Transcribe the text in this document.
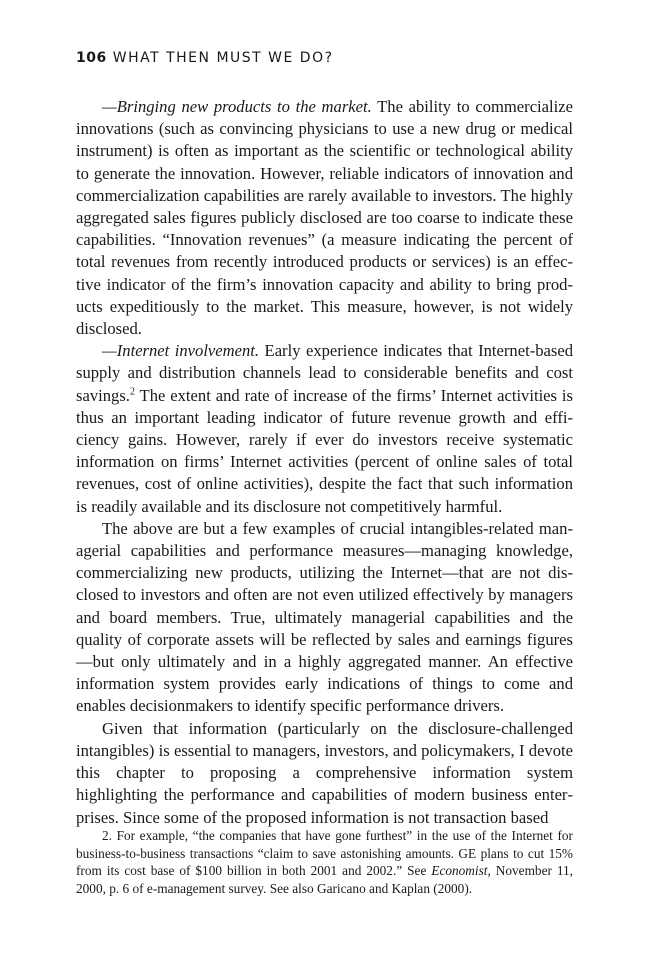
106 WHAT THEN MUST WE DO?

—Bringing new products to the market. The ability to commercialize innovations (such as convincing physicians to use a new drug or medical instrument) is often as important as the scientific or technological ability to generate the innovation. However, reliable indicators of innovation and commercialization capabilities are rarely available to investors. The highly aggregated sales figures publicly disclosed are too coarse to indicate these capabilities. “Innovation revenues” (a measure indicating the percent of total revenues from recently introduced products or services) is an effective indicator of the firm’s innovation capacity and ability to bring products expeditiously to the market. This measure, however, is not widely disclosed.

—Internet involvement. Early experience indicates that Internet-based supply and distribution channels lead to considerable benefits and cost savings.$^2$ The extent and rate of increase of the firms’ Internet activities is thus an important leading indicator of future revenue growth and efficiency gains. However, rarely if ever do investors receive systematic information on firms’ Internet activities (percent of online sales of total revenues, cost of online activities), despite the fact that such information is readily available and its disclosure not competitively harmful.

The above are but a few examples of crucial intangibles-related managerial capabilities and performance measures—managing knowledge, commercializing new products, utilizing the Internet—that are not disclosed to investors and often are not even utilized effectively by managers and board members. True, ultimately managerial capabilities and the quality of corporate assets will be reflected by sales and earnings figures—but only ultimately and in a highly aggregated manner. An effective information system provides early indications of things to come and enables decisionmakers to identify specific performance drivers.

Given that information (particularly on the disclosure-challenged intangibles) is essential to managers, investors, and policymakers, I devote this chapter to proposing a comprehensive information system highlighting the performance and capabilities of modern business enterprises. Since some of the proposed information is not transaction based

2. For example, “the companies that have gone furthest” in the use of the Internet for business-to-business transactions “claim to save astonishing amounts. GE plans to cut 15% from its cost base of $100 billion in both 2001 and 2002.” See Economist, November 11, 2000, p. 6 of e-management survey. See also Garicano and Kaplan (2000).
